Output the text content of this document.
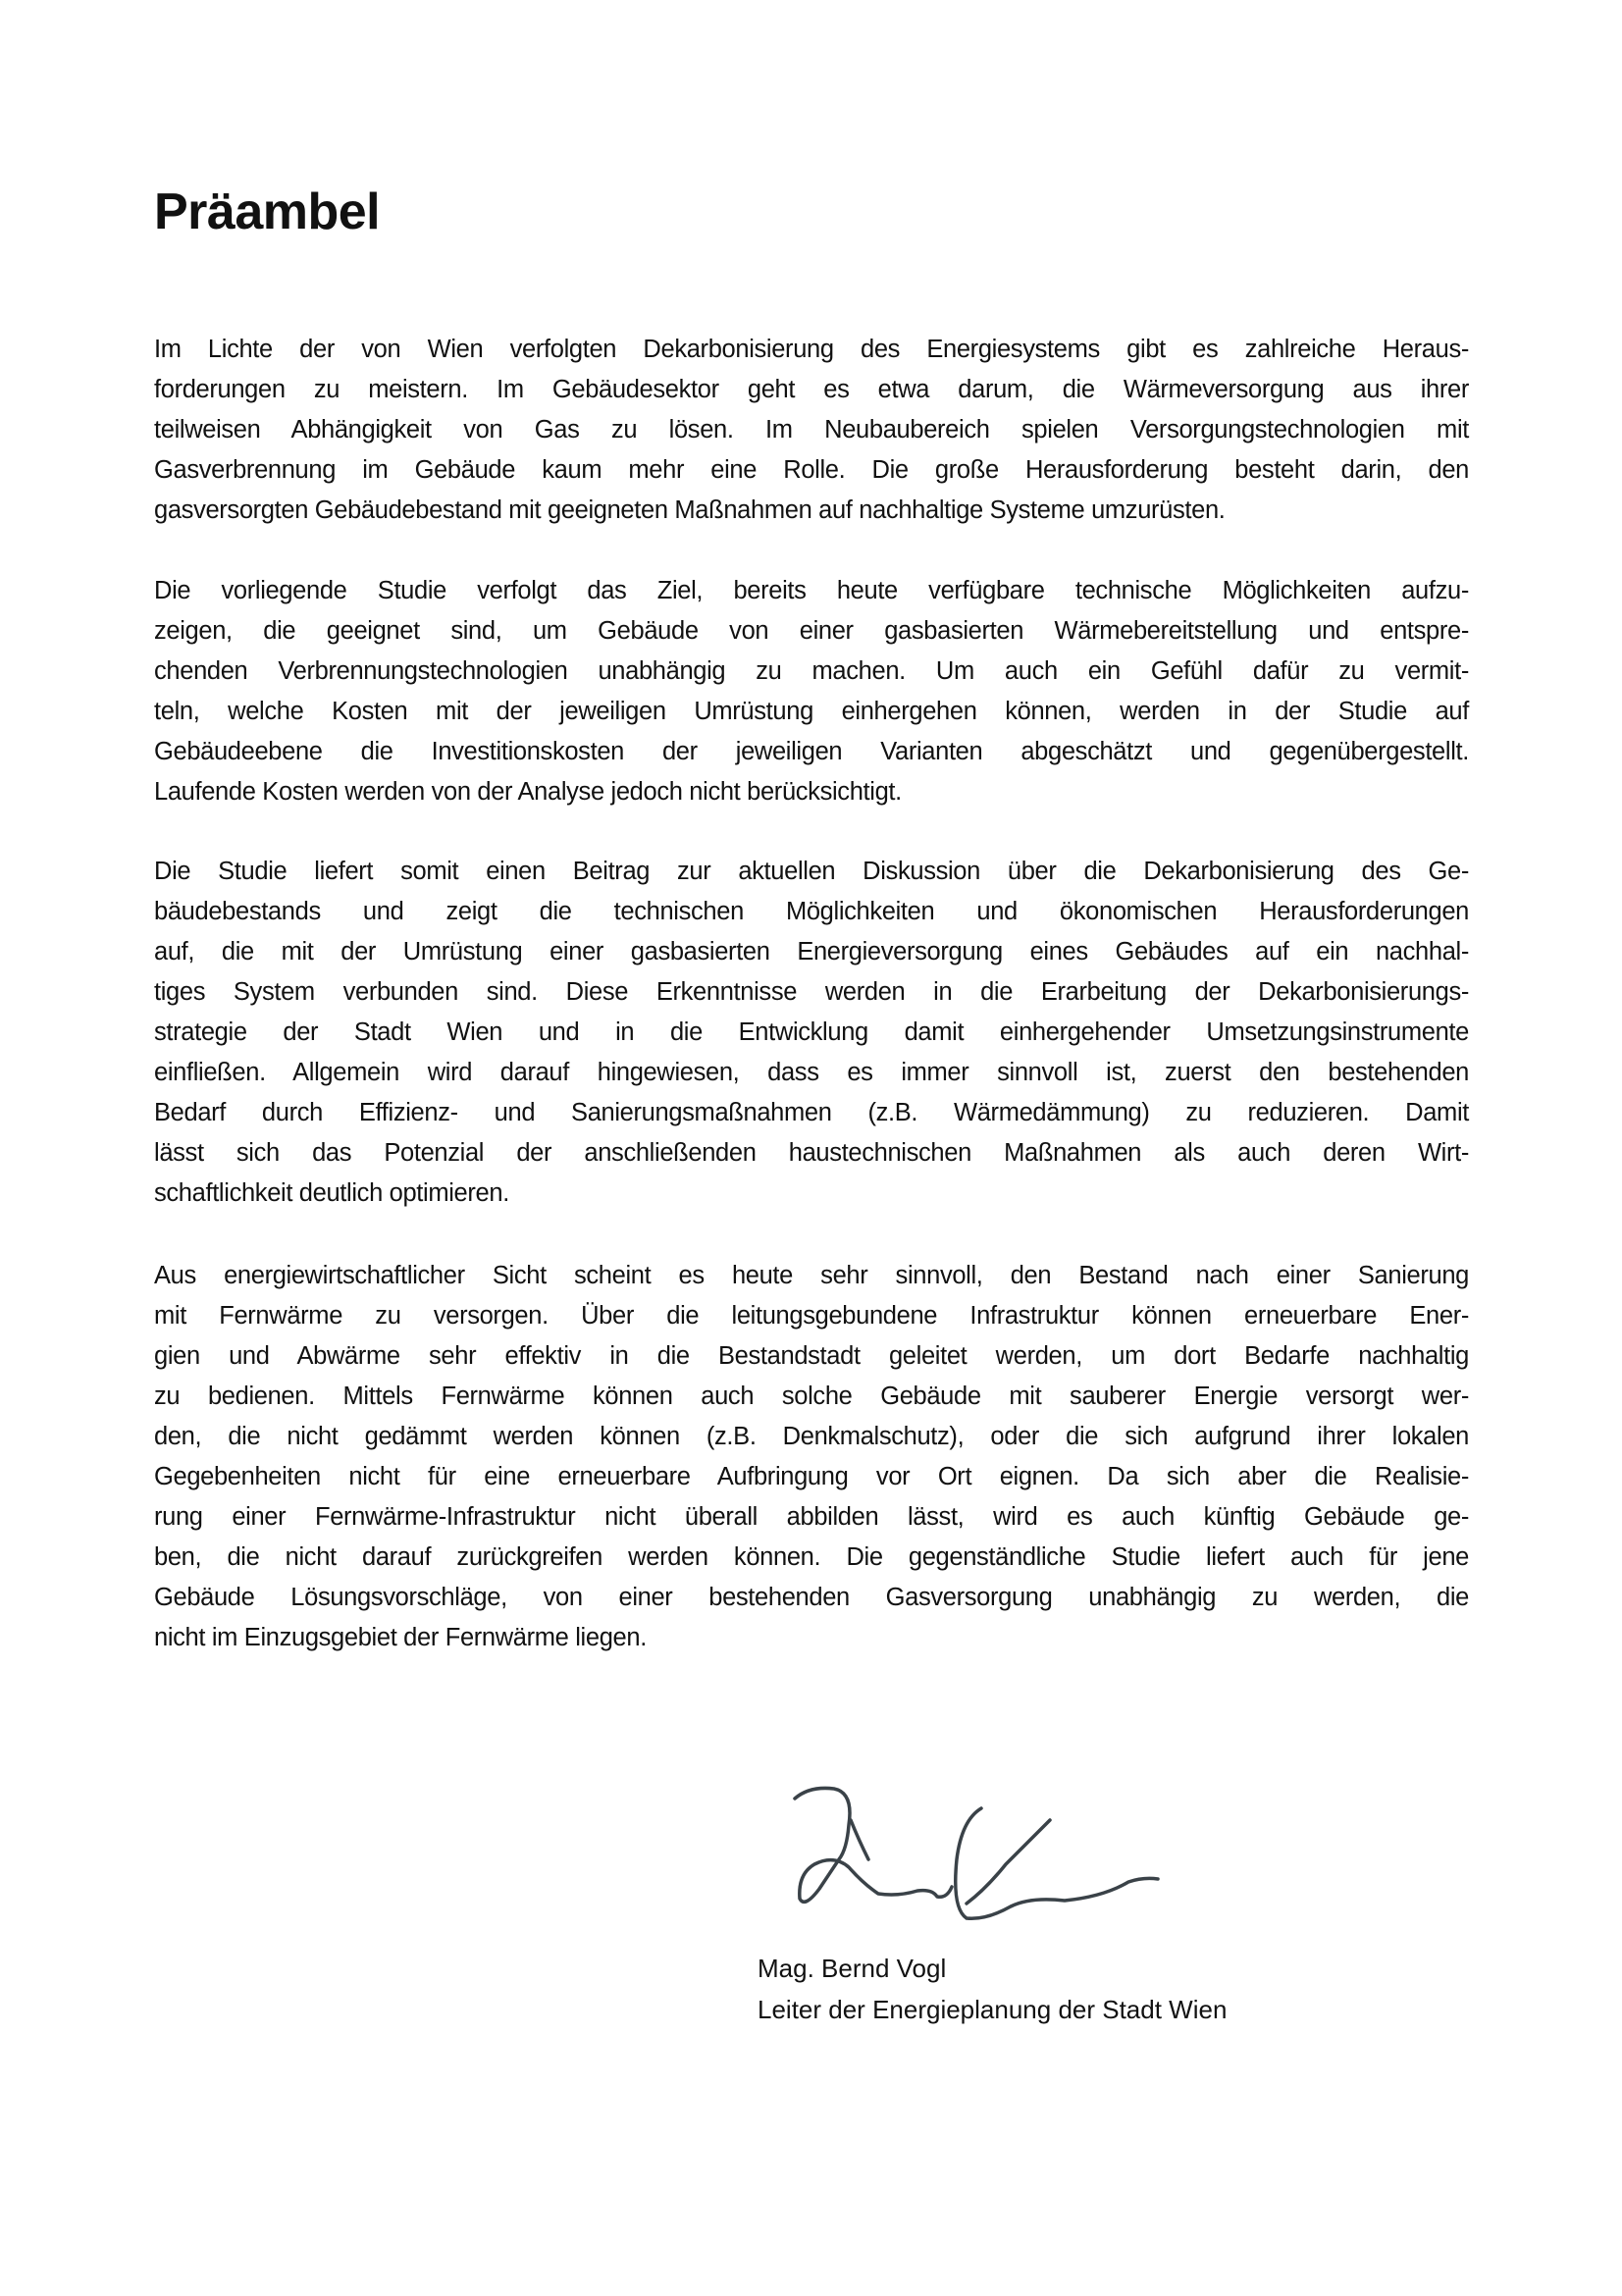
Präambel
Im Lichte der von Wien verfolgten Dekarbonisierung des Energiesystems gibt es zahlreiche Heraus-
forderungen zu meistern. Im Gebäudesektor geht es etwa darum, die Wärmeversorgung aus ihrer
teilweisen Abhängigkeit von Gas zu lösen. Im Neubaubereich spielen Versorgungstechnologien mit
Gasverbrennung im Gebäude kaum mehr eine Rolle. Die große Herausforderung besteht darin, den
gasversorgten Gebäudebestand mit geeigneten Maßnahmen auf nachhaltige Systeme umzurüsten.
Die vorliegende Studie verfolgt das Ziel, bereits heute verfügbare technische Möglichkeiten aufzu-
zeigen, die geeignet sind, um Gebäude von einer gasbasierten Wärmebereitstellung und entspre-
chenden Verbrennungstechnologien unabhängig zu machen. Um auch ein Gefühl dafür zu vermit-
teln, welche Kosten mit der jeweiligen Umrüstung einhergehen können, werden in der Studie auf
Gebäudeebene die Investitionskosten der jeweiligen Varianten abgeschätzt und gegenübergestellt.
Laufende Kosten werden von der Analyse jedoch nicht berücksichtigt.
Die Studie liefert somit einen Beitrag zur aktuellen Diskussion über die Dekarbonisierung des Ge-
bäudebestands und zeigt die technischen Möglichkeiten und ökonomischen Herausforderungen
auf, die mit der Umrüstung einer gasbasierten Energieversorgung eines Gebäudes auf ein nachhal-
tiges System verbunden sind. Diese Erkenntnisse werden in die Erarbeitung der Dekarbonisierungs-
strategie der Stadt Wien und in die Entwicklung damit einhergehender Umsetzungsinstrumente
einfließen. Allgemein wird darauf hingewiesen, dass es immer sinnvoll ist, zuerst den bestehenden
Bedarf durch Effizienz- und Sanierungsmaßnahmen (z.B. Wärmedämmung) zu reduzieren. Damit
lässt sich das Potenzial der anschließenden haustechnischen Maßnahmen als auch deren Wirt-
schaftlichkeit deutlich optimieren.
Aus energiewirtschaftlicher Sicht scheint es heute sehr sinnvoll, den Bestand nach einer Sanierung
mit Fernwärme zu versorgen. Über die leitungsgebundene Infrastruktur können erneuerbare Ener-
gien und Abwärme sehr effektiv in die Bestandstadt geleitet werden, um dort Bedarfe nachhaltig
zu bedienen. Mittels Fernwärme können auch solche Gebäude mit sauberer Energie versorgt wer-
den, die nicht gedämmt werden können (z.B. Denkmalschutz), oder die sich aufgrund ihrer lokalen
Gegebenheiten nicht für eine erneuerbare Aufbringung vor Ort eignen. Da sich aber die Realisie-
rung einer Fernwärme-Infrastruktur nicht überall abbilden lässt, wird es auch künftig Gebäude ge-
ben, die nicht darauf zurückgreifen werden können. Die gegenständliche Studie liefert auch für jene
Gebäude Lösungsvorschläge, von einer bestehenden Gasversorgung unabhängig zu werden, die
nicht im Einzugsgebiet der Fernwärme liegen.
Mag. Bernd Vogl
Leiter der Energieplanung der Stadt Wien
